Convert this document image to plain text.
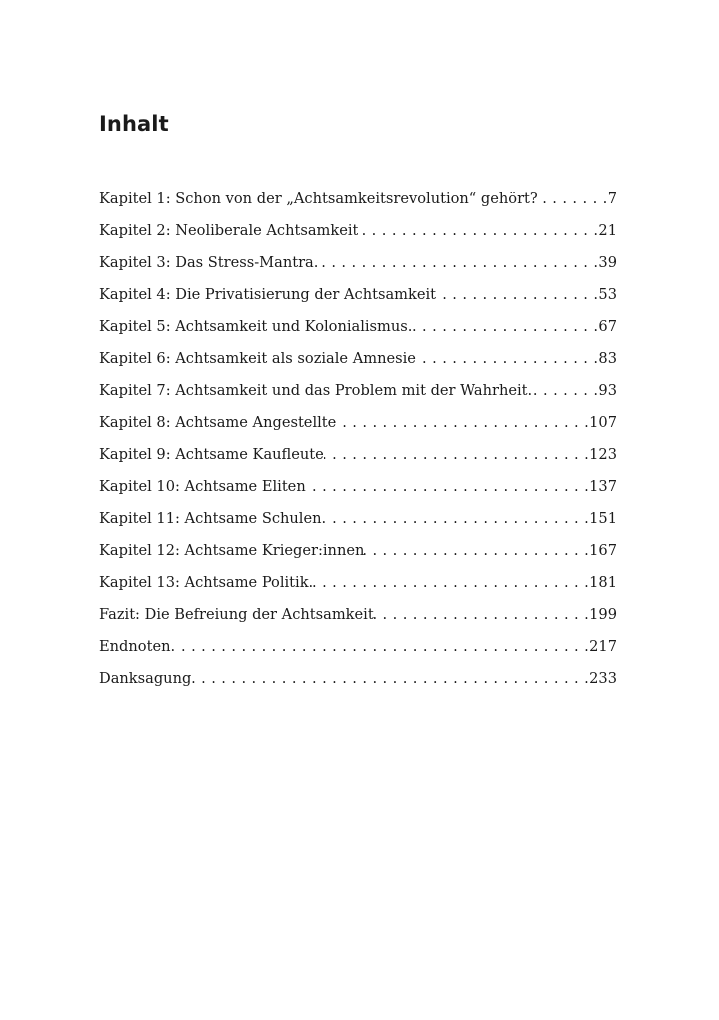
Inhalt
Kapitel 1: Schon von der „Achtsamkeitsrevolution“ gehört? . . .	7
Kapitel 2: Neoliberale Achtsamkeit . . .	21
Kapitel 3: Das Stress-Mantra. . . .	39
Kapitel 4: Die Privatisierung der Achtsamkeit . . .	53
Kapitel 5: Achtsamkeit und Kolonialismus. . . .	67
Kapitel 6: Achtsamkeit als soziale Amnesie . . .	83
Kapitel 7: Achtsamkeit und das Problem mit der Wahrheit. . . .	93
Kapitel 8: Achtsame Angestellte . . .	107
Kapitel 9: Achtsame Kaufleute . . .	123
Kapitel 10: Achtsame Eliten . . .	137
Kapitel 11: Achtsame Schulen. . . .	151
Kapitel 12: Achtsame Krieger:innen . . .	167
Kapitel 13: Achtsame Politik. . . .	181
Fazit: Die Befreiung der Achtsamkeit . . .	199
Endnoten. . . .	217
Danksagung . . .	233
